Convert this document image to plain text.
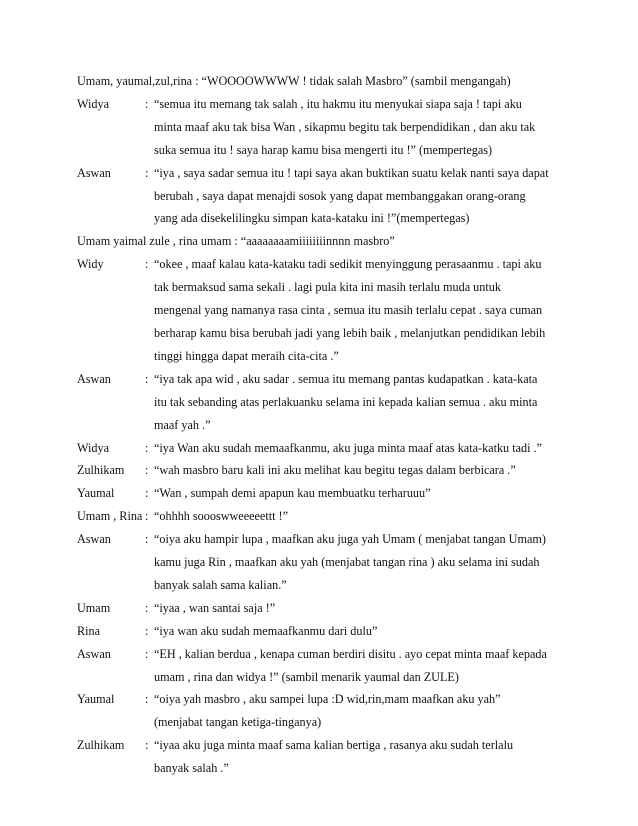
Umam, yaumal,zul,rina : “WOOOOWWWW ! tidak salah Masbro” (sambil mengangah)
Widya	: “semua itu memang tak salah , itu hakmu itu menyukai siapa saja ! tapi aku
minta maaf aku tak bisa Wan , sikapmu begitu tak berpendidikan , dan aku tak
suka semua itu ! saya harap kamu bisa mengerti itu !” (mempertegas)
Aswan	: “iya , saya sadar semua itu ! tapi saya akan buktikan suatu kelak nanti saya dapat
berubah , saya dapat menajdi sosok yang dapat membanggakan orang-orang
yang ada disekelilingku simpan kata-kataku ini !”(mempertegas)
Umam yaimal zule , rina umam : “aaaaaaaamiiiiiiiinnnn masbro”
Widy	: “okee , maaf kalau kata-kataku tadi sedikit menyinggung perasaanmu . tapi aku
tak bermaksud sama sekali . lagi pula kita ini masih terlalu muda untuk
mengenal yang namanya rasa cinta , semua itu masih terlalu cepat . saya cuman
berharap kamu bisa berubah jadi yang lebih baik , melanjutkan pendidikan lebih
tinggi hingga dapat meraih cita-cita .”
Aswan	: “iya tak apa wid , aku sadar . semua itu memang pantas kudapatkan . kata-kata
itu tak sebanding atas perlakuanku selama ini kepada kalian semua . aku minta
maaf yah .”
Widya	: “iya Wan aku sudah memaafkanmu, aku juga minta maaf atas kata-katku tadi .”
Zulhikam	: “wah masbro baru kali ini aku melihat kau begitu tegas dalam berbicara .”
Yaumal	: “Wan , sumpah demi apapun kau membuatku terharuuu”
Umam , Rina : “ohhhh soooswweeeeettt !”
Aswan	: “oiya aku hampir lupa , maafkan aku juga yah Umam ( menjabat tangan Umam)
kamu juga Rin , maafkan aku yah (menjabat tangan rina ) aku selama ini sudah
banyak salah sama kalian.”
Umam	: “iyaa , wan santai saja !”
Rina	: “iya wan aku sudah memaafkanmu dari dulu”
Aswan	: “EH , kalian berdua , kenapa cuman berdiri disitu . ayo cepat minta maaf kepada
umam , rina dan widya !” (sambil menarik yaumal dan ZULE)
Yaumal	: “oiya yah masbro , aku sampei lupa :D wid,rin,mam maafkan aku yah”
(menjabat tangan ketiga-tinganya)
Zulhikam	: “iyaa aku juga minta maaf sama kalian bertiga , rasanya aku sudah terlalu
banyak salah .”
